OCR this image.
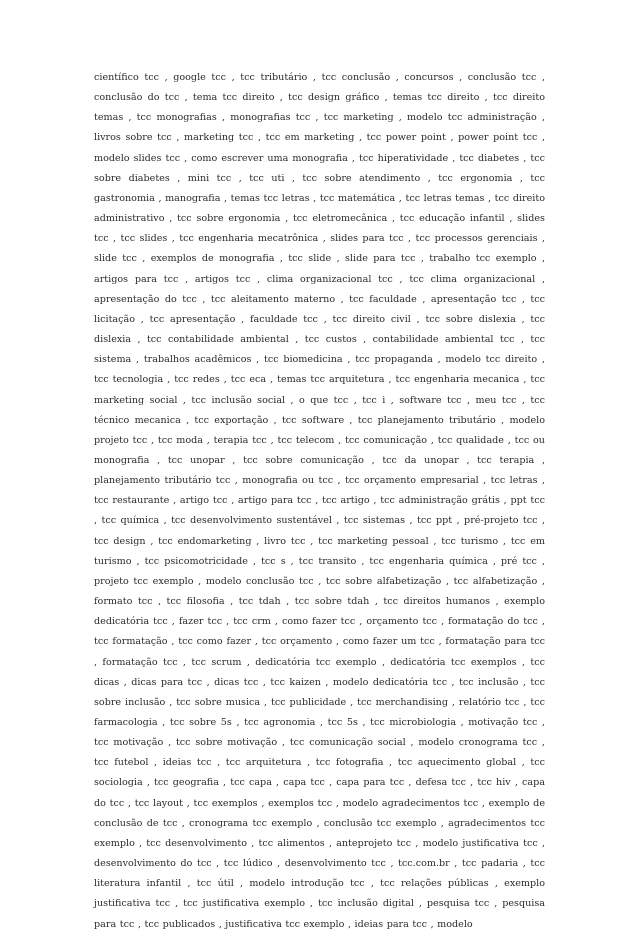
científico tcc , google tcc , tcc tributário , tcc conclusão , concursos , conclusão tcc , conclusão do tcc , tema tcc direito , tcc design gráfico , temas tcc direito , tcc direito temas , tcc monografias , monografias tcc , tcc marketing , modelo tcc administração , livros sobre tcc , marketing tcc , tcc em marketing , tcc power point , power point tcc , modelo slides tcc , como escrever uma monografia , tcc hiperatividade , tcc diabetes , tcc sobre diabetes , mini tcc , tcc uti , tcc sobre atendimento , tcc ergonomia , tcc gastronomia , manografia , temas tcc letras , tcc matemática , tcc letras temas , tcc direito administrativo , tcc sobre ergonomia , tcc eletromecânica , tcc educação infantil , slides tcc , tcc slides , tcc engenharia mecatrônica , slides para tcc , tcc processos gerenciais , slide tcc , exemplos de monografia , tcc slide , slide para tcc , trabalho tcc exemplo , artigos para tcc , artigos tcc , clima organizacional tcc , tcc clima organizacional , apresentação do tcc , tcc aleitamento materno , tcc faculdade , apresentação tcc , tcc licitação , tcc apresentação , faculdade tcc , tcc direito civil , tcc sobre dislexia , tcc dislexia , tcc contabilidade ambiental , tcc custos , contabilidade ambiental tcc , tcc sistema , trabalhos acadêmicos , tcc biomedicina , tcc propaganda , modelo tcc direito , tcc tecnologia , tcc redes , tcc eca , temas tcc arquitetura , tcc engenharia mecanica , tcc marketing social , tcc inclusão social , o que tcc , tcc i , software tcc , meu tcc , tcc técnico mecanica , tcc exportação , tcc software , tcc planejamento tributário , modelo projeto tcc , tcc moda , terapia tcc , tcc telecom , tcc comunicação , tcc qualidade , tcc ou monografia , tcc unopar , tcc sobre comunicação , tcc da unopar , tcc terapia , planejamento tributário tcc , monografia ou tcc , tcc orçamento empresarial , tcc letras , tcc restaurante , artigo tcc , artigo para tcc , tcc artigo , tcc administração grátis , ppt tcc , tcc química , tcc desenvolvimento sustentável , tcc sistemas , tcc ppt , pré-projeto tcc , tcc design , tcc endomarketing , livro tcc , tcc marketing pessoal , tcc turismo , tcc em turismo , tcc psicomotricidade , tcc s , tcc transito , tcc engenharia química , pré tcc , projeto tcc exemplo , modelo conclusão tcc , tcc sobre alfabetização , tcc alfabetização , formato tcc , tcc filosofia , tcc tdah , tcc sobre tdah , tcc direitos humanos , exemplo dedicatória tcc , fazer tcc , tcc crm , como fazer tcc , orçamento tcc , formatação do tcc , tcc formatação , tcc como fazer , tcc orçamento , como fazer um tcc , formatação para tcc , formatação tcc , tcc scrum , dedicatória tcc exemplo , dedicatória tcc exemplos , tcc dicas , dicas para tcc , dicas tcc , tcc kaizen , modelo dedicatória tcc , tcc inclusão , tcc sobre inclusão , tcc sobre musica , tcc publicidade , tcc merchandising , relatório tcc , tcc farmacologia , tcc sobre 5s , tcc agronomia , tcc 5s , tcc microbiologia , motivação tcc , tcc motivação , tcc sobre motivação , tcc comunicação social , modelo cronograma tcc , tcc futebol , ideias tcc , tcc arquitetura , tcc fotografia , tcc aquecimento global , tcc sociologia , tcc geografia , tcc capa , capa tcc , capa para tcc , defesa tcc , tcc hiv , capa do tcc , tcc layout , tcc exemplos , exemplos tcc , modelo agradecimentos tcc , exemplo de conclusão de tcc , cronograma tcc exemplo , conclusão tcc exemplo , agradecimentos tcc exemplo , tcc desenvolvimento , tcc alimentos , anteprojeto tcc , modelo justificativa tcc , desenvolvimento do tcc , tcc lúdico , desenvolvimento tcc , tcc.com.br , tcc padaria , tcc literatura infantil , tcc útil , modelo introdução tcc , tcc relações públicas , exemplo justificativa tcc , tcc justificativa exemplo , tcc inclusão digital , pesquisa tcc , pesquisa para tcc , tcc publicados , justificativa tcc exemplo , ideias para tcc , modelo
